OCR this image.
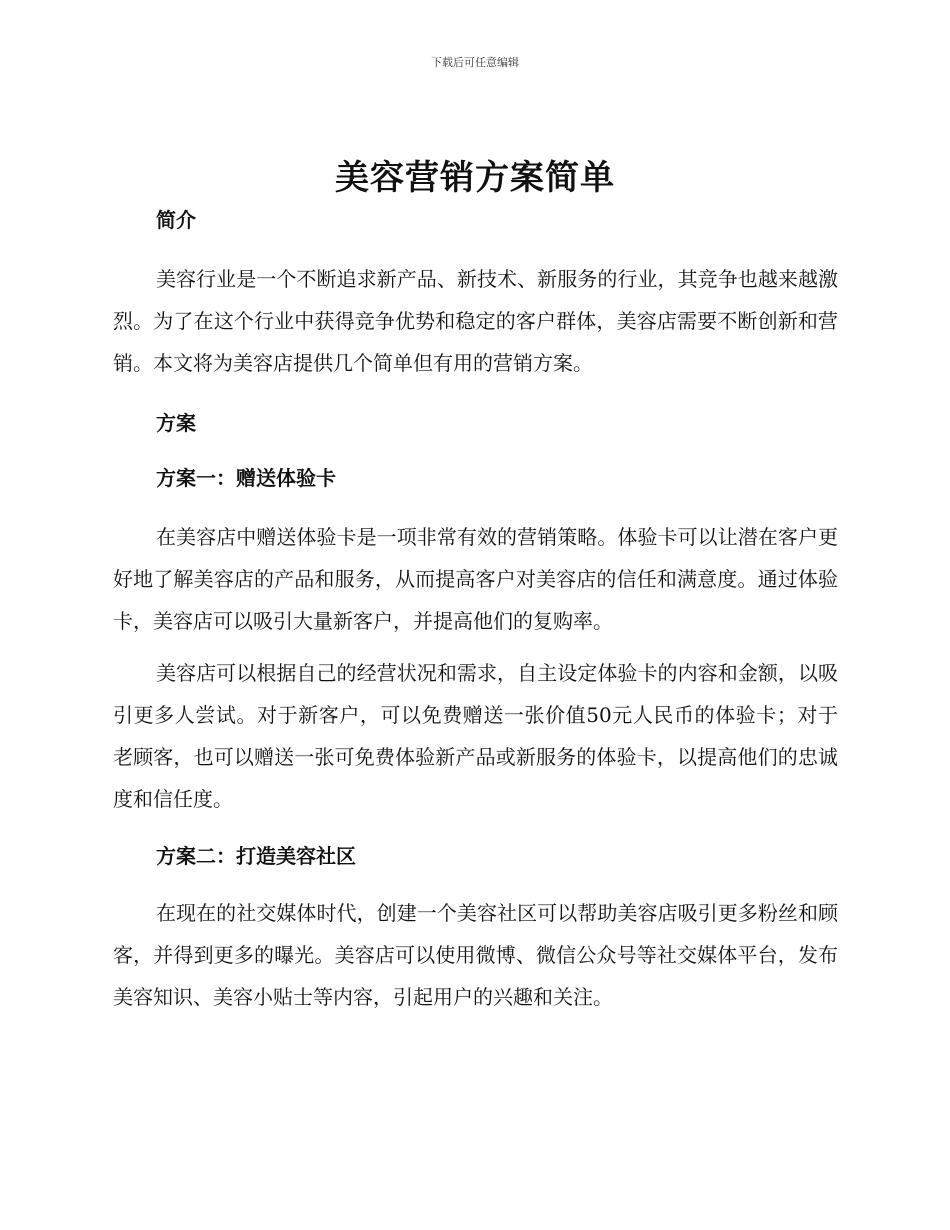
下载后可任意编辑
美容营销方案简单
简介

美容行业是一个不断追求新产品、新技术、新服务的行业，其竞争也越来越激烈。为了在这个行业中获得竞争优势和稳定的客户群体，美容店需要不断创新和营销。本文将为美容店提供几个简单但有用的营销方案。

方案
方案一：赠送体验卡

在美容店中赠送体验卡是一项非常有效的营销策略。体验卡可以让潜在客户更好地了解美容店的产品和服务，从而提高客户对美容店的信任和满意度。通过体验卡，美容店可以吸引大量新客户，并提高他们的复购率。

美容店可以根据自己的经营状况和需求，自主设定体验卡的内容和金额，以吸引更多人尝试。对于新客户，可以免费赠送一张价值50元人民币的体验卡；对于老顾客，也可以赠送一张可免费体验新产品或新服务的体验卡，以提高他们的忠诚度和信任度。

方案二：打造美容社区

在现在的社交媒体时代，创建一个美容社区可以帮助美容店吸引更多粉丝和顾客，并得到更多的曝光。美容店可以使用微博、微信公众号等社交媒体平台，发布美容知识、美容小贴士等内容，引起用户的兴趣和关注。
